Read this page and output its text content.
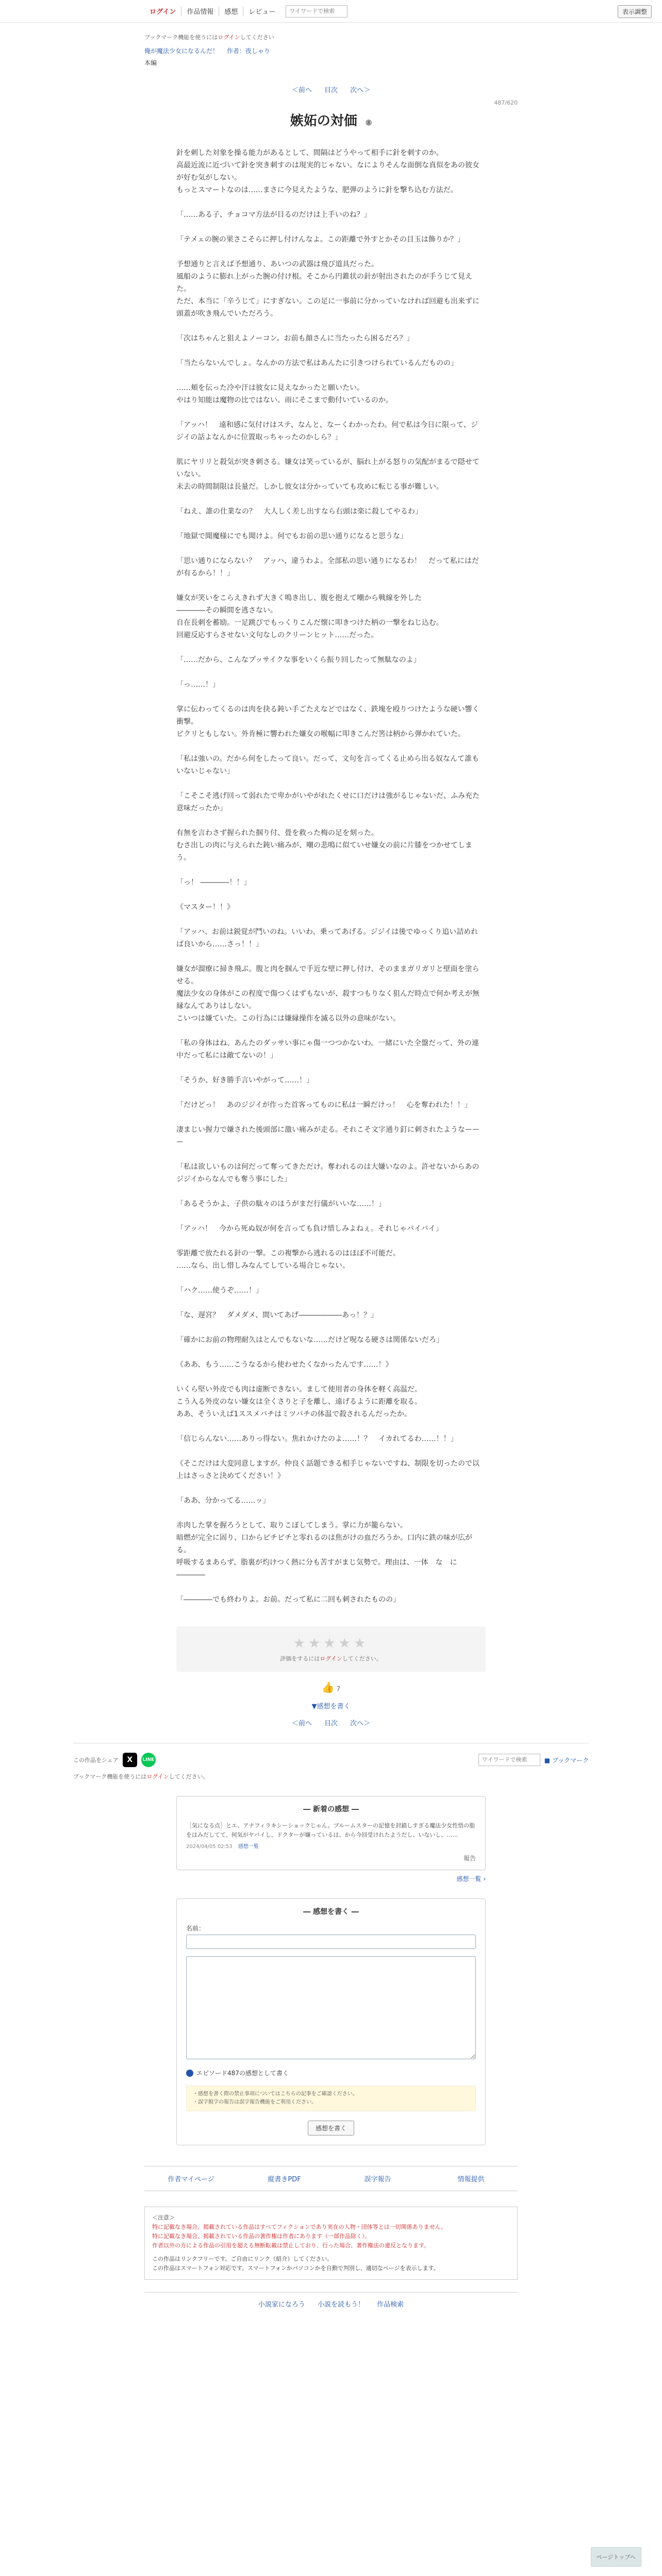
ログイン	作品情報	感想	レビュー
ワイワードで検索	表示調整
ブックマーク機能を使うにはログインしてください
俺が魔法少女になるんだ！ 作者：夜しゃり
本編
＜前へ 目次 次へ＞
487/620
嫉妬の対価 ⑧

針を刺した対象を操る能力があるとして、間隔はどうやって相手に針を刺すのか。
高最近流に近づいて針を突き刺すのは現実的じゃない。なによりそんな面倒な真似をあの彼女が好む気がしない。
もっとスマートなのは……まさに今見えたような、肥弾のように針を撃ち込む方法だ。

「……ある子、チョコマ方法が目るのだけは上手いのね？」

「テメェの腕の果さこそらに押し付けんなよ。この距離で外すとかその目玉は飾りか？」

予想通りと言えば予想通り、あいつの武器は飛び道具だった。
風船のように膨れ上がった腕の付け根。そこから円錐状の針が射出されたのが手うじて見えた。
ただ、本当に「辛うじて」にすぎない。この足に一事前に分かっていなければ回避も出来ずに頭蓋が吹き飛んでいただろう。

「次はちゃんと狙えよノーコン。お前も顔さんに当たったら困るだろ？」

「当たらないんでしょ。なんかの方法で私はあんたに引きつけられているんだものの」

……頬を伝った冷や汗は彼女に見えなかったと願いたい。
やはり知能は魔物の比ではない。雨にそこまで動付いているのか。

「アッハ！　遠和感に気付けはステ、なんと、なーくわかったわ。何で私は今日に限って、ジジイの話よなんかに位置取っちゃったのかしら？」

肌にヤリリと殺気が突き刺さる。嫌女は笑っているが、脳れ上がる怒りの気配がまるで隠せていない。
未去の時間制限は長量だ。しかし彼女は分かっていても攻めに転じる事が難しい。

「ねえ、誰の仕業なの？　大人しく差し出すなら右頭は楽に殺してやるわ」

「地獄で聞魔様にでも聞けよ。何でもお前の思い通りになると思うな」

「思い通りにならない？　アッハ、違うわよ。全部私の思い通りになるわ！　だって私にはだが有るから！！」

嫌女が笑いをこらえきれず大きく鳴き出し、腹を抱えて嘲から戦線を外した
――――その瞬間を逃さない。
自在長刺を蓄励。一足跳びでもっくりこんだ懐に叩きつけた柄の一撃をねじ込む。
回避反応すらさせない文句なしのクリーンヒット……だった。

「……だから、こんなプッサイクな事をいくら振り回したって無駄なのよ」

「っ……！」

掌に伝わってくるのは肉を抉る鈍い手ごたえなどではなく、鉄塊を殴りつけたような硬い響く衝撃。
ピクリともしない。外肯極に響われた嫌女の喉幅に叩きこんだ筈は柄から弾かれていた。

「私は強いの。だから何をしたって良い。だって、文句を言ってくる止めら出る奴なんて誰もいないじゃない」

「こそこそ逃げ回って弱れたで卑かがいやがれたくせに口だけは強がるじゃないだ、ふみ充た意味だったか」

有無を言わさず握られた掴り付、畳を救った梅の足を刻った。
むさ出しの肉に与えられた鈍い痛みが、嘲の悲鳴に似ていせ嫌女の前に片膝をつかせてしまう。

「っ！ ――――！！」

《マスター！！》

「アッハ、お前は鋭覚が鬥いのね。いいわ、乗ってあげる。ジジイは後でゆっくり追い詰めれば良いから……さっ！！」

嫌女が溜療に掃き飛ぶ。腹と肉を掴んで手近な壁に押し付け、そのままガリガリと壁面を塗らせる。
魔法少女の身体がこの程度で傷つくはずもないが、殺すつもりなく狙んだ時点で何か考えが無縁なんてありはしない。
こいつは嫌ていた。この行為には嫌縁操作を滅る以外の意味がない。

「私の身体はね、あんたのダッサい事にゃ傷一つつかないわ。一緒にいた全盤だって、外の連中だって私には敵てないの！」

「そうか、好き勝手言いやがって……！」

「だけどっ！　あのジジイが作った首客ってものに私は一瞬だけっ！　心を奪われた！！」

凄まじい握力で嫌された後頭部に激い痛みが走る。それこそ文字通り釘に刺されたようなーーー

「私は欲しいものは何だって奪ってきただけ。奪われるのは大嫌いなのよ。許せないからあのジジイからなんでも奪う事にした」

「あるそうかよ、子供の駄々のほうがまだ行儀がいいな……！」

「アッハ！　今から死ぬ奴が何を言っても負け惜しみよねぇ。それじゃバイバイ」

零距離で放たれる針の一撃。この複撃から逃れるのはほぼ不可能だ。
……なら、出し惜しみなんてしている場合じゃない。

「ハク……使うぞ……！」

「な、遅宮？　ダメダメ、間いてあげ――――――あっ！？」

「確かにお前の物理耐久はとんでもないな……だけど呪なる硬さは関係ないだろ」

《ああ、もう……こうなるから使わせたくなかったんです……！》

いくら堅い外皮でも肉は虚断できない。まして使用者の身体を軽く高温だ。
こう入る外皮のない嫌女は全くさりと子を離し、遠げるように距離を取る。
ああ、そういえば1ススメバチはミツバチの体温で殺されるんだったか。

「信じらんない……ありっ得ない。焦れかけたのよ……！？　イカれてるわ……！！」

《そこだけは大変同意しますが。仲良く話題できる相手じゃないですね、制限を切ったので以上はさっさと決めてください！》

「ああ、分かってる……ッ」

赤肉した掌を握ろうとして、取りこぼしてしまう。掌に力が籠らない。
暗燃が完全に固り、口からビチビチと零れるのは焦がけの血だろうか。口内に鉄の味が広がる。
呼吸するまあらず、脂裏が灼けつく熱に分も苦すがまじ気勢で。理由は、一体　な　に――――

「――――でも終わりよ。お前。だって私に二回も刺されたものの」

ページトップへ
★★★★★
評価をするにはログインしてください。
👍 7
▼感想を書く
＜前へ 目次 次へ＞
この作品をシェア	X	LINE
ワイワードで検索	■ ブックマーク
ブックマーク機能を使うにはログインしてください。
― 新着の感想 ―
［気になる点］とエ、アナフィラキシーショックじゃん。ブルームスターの記憶を封鎖しすぎる魔法少女性悟の脂をはみだしてて、何気がヤバイし、ドクターが嫌っているは、から今回受けれたようだし、いないし、……
2024/04/05 02:53 感想一覧
報告
感想一覧 ›
― 感想を書く ―
名前：

エピソード487の感想として書く
・感想を書く際の禁止事項についてはこちらの記事をご確認ください。
・誤字脱字の報告は誤字報告機能をご利用ください。
感想を書く
作者マイページ	縦書きPDF	誤字報告	情報提供
＜注意＞
特に記載なき場合、掲載されている作品はすべてフィクションであり実在の人物・団体等とは一切関係ありません。
特に記載なき場合、掲載されている作品の著作権は作者にあります（一部作品除く）。
作者以外の方による作品の引用を超える無断転載は禁止しており、行った場合、著作権法の違反となります。
この作品はリンクフリーです。ご自由にリンク（紹介）してください。
この作品はスマートフォン対応です。スマートフォンかパソコンかを自動で判別し、適切なページを表示します。
小説家になろう 小説を読もう！ 作品検索
